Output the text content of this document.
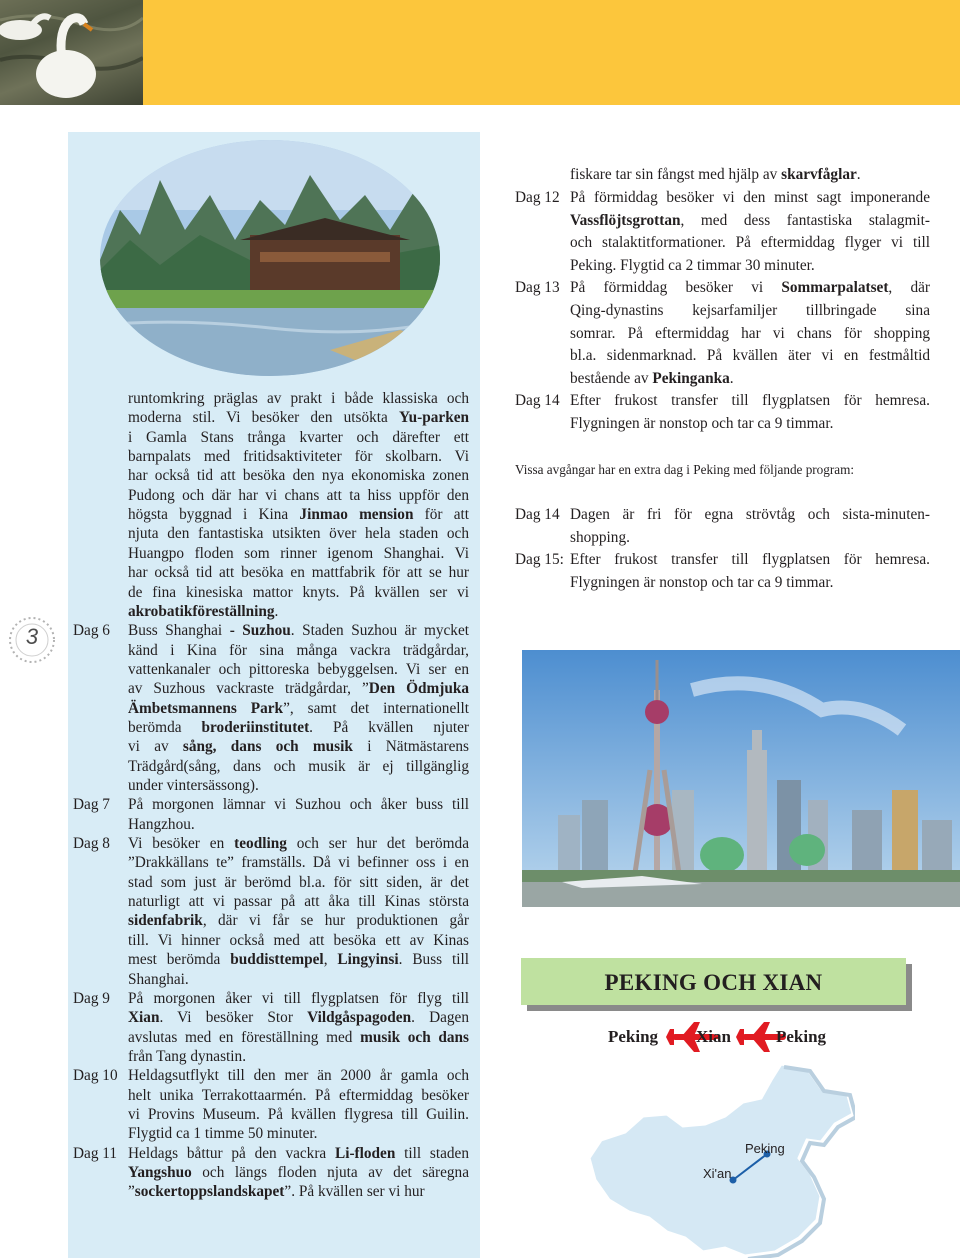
3
runtomkring präglas av prakt i både klassiska och
moderna stil. Vi besöker den utsökta Yu-parken
i Gamla Stans trånga kvarter och därefter ett
barnpalats med fritidsaktiviteter för skolbarn. Vi
har också tid att besöka den nya ekonomiska zonen
Pudong och där har vi chans att ta hiss uppför den
högsta byggnad i Kina Jinmao mension för att
njuta den fantastiska utsikten över hela staden och
Huangpo floden som rinner igenom Shanghai. Vi
har också tid att besöka en mattfabrik för att se hur
de fina kinesiska mattor knyts. På kvällen ser vi
akrobatikföreställning.
Dag 6 Buss Shanghai - Suzhou. Staden Suzhou är mycket
känd i Kina för sina många vackra trädgårdar,
vattenkanaler och pittoreska bebyggelsen. Vi ser en
av Suzhous vackraste trädgårdar, ”Den Ödmjuka
Ämbetsmannens Park”, samt det internationellt
berömda broderiinstitutet. På kvällen njuter
vi av sång, dans och musik i Nätmästarens
Trädgård(sång, dans och musik är ej tillgänglig
under vintersässong).
Dag 7 På morgonen lämnar vi Suzhou och åker buss till
Hangzhou.
Dag 8 Vi besöker en teodling och ser hur det berömda
”Drakkällans te” framställs. Då vi befinner oss i en
stad som just är berömd bl.a. för sitt siden, är det
naturligt att vi passar på att åka till Kinas största
sidenfabrik, där vi får se hur produktionen går
till. Vi hinner också med att besöka ett av Kinas
mest berömda buddisttempel, Lingyinsi. Buss till
Shanghai.
Dag 9 På morgonen åker vi till flygplatsen för flyg till
Xian. Vi besöker Stor Vildgåspagoden. Dagen
avslutas med en föreställning med musik och dans
från Tang dynastin.
Dag 10 Heldagsutflykt till den mer än 2000 år gamla och
helt unika Terrakottaarmén. På eftermiddag besöker
vi Provins Museum. På kvällen flygresa till Guilin.
Flygtid ca 1 timme 50 minuter.
Dag 11 Heldags båttur på den vackra Li-floden till staden
Yangshuo och längs floden njuta av det säregna
”sockertoppslandskapet”. På kvällen ser vi hur
fiskare tar sin fångst med hjälp av skarvfåglar.
Dag 12 På förmiddag besöker vi den minst sagt imponerande
Vassflöjtsgrottan, med dess fantastiska stalagmit-
och stalaktitformationer. På eftermiddag flyger vi till
Peking. Flygtid ca 2 timmar 30 minuter.
Dag 13 På förmiddag besöker vi Sommarpalatset, där
Qing-dynastins kejsarfamiljer tillbringade sina
somrar. På eftermiddag har vi chans för shopping
bl.a. sidenmarknad. På kvällen äter vi en festmåltid
bestående av Pekinganka.
Dag 14 Efter frukost transfer till flygplatsen för hemresa.
Flygningen är nonstop och tar ca 9 timmar.
Vissa avgångar har en extra dag i Peking med följande program:
Dag 14 Dagen är fri för egna strövtåg och sista-minuten-
shopping.
Dag 15: Efter frukost transfer till flygplatsen för hemresa.
Flygningen är nonstop och tar ca 9 timmar.
PEKING OCH XIAN
Peking Xian	Peking
Peking
Xi'an
